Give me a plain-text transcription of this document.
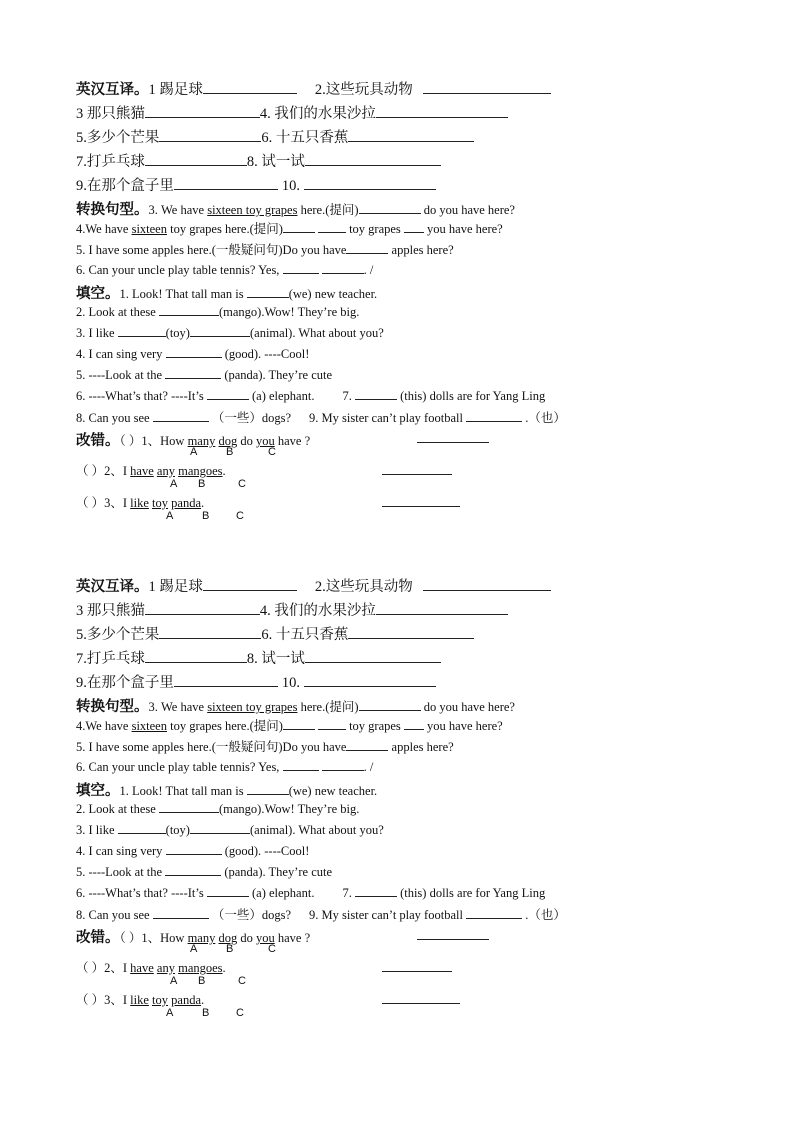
英汉互译。1 踢足球	2.这些玩具动物
3 那只熊猫	4. 我们的水果沙拉
5.多少个芒果	6. 十五只香蕉
7.打乒乓球	8. 试一试
9.在那个盒子里	10.
转换句型。3. We have sixteen toy grapes here.(提问)	do you have here?
4.We have sixteen toy grapes here.(提问)	toy grapes  you have here?
5. I have some apples here.(一般疑问句)Do you have	apples here?
6. Can your uncle play table tennis? Yes,	. /
填空。1. Look! That tall man is	(we) new teacher.
2. Look at these	(mango).Wow! They’re big.
3. I like	(toy)	(animal). What about you?
4. I can sing very	(good). ----Cool!
5. ----Look at the	(panda). They’re cute
6. ----What’s that? ----It’s	(a) elephant. 7.	(this) dolls are for Yang Ling
8. Can you see	（一些）dogs? 9. My sister can’t play football	.（也）
改错。（ ）1、How many dog do you have ?
A	B	C
（ ）2、I have any mangoes.
A B	C
（ ）3、I like toy panda.
A	B C
英汉互译。1 踢足球	2.这些玩具动物
3 那只熊猫	4. 我们的水果沙拉
5.多少个芒果	6. 十五只香蕉
7.打乒乓球	8. 试一试
9.在那个盒子里	10.
转换句型。3. We have sixteen toy grapes here.(提问)	do you have here?
4.We have sixteen toy grapes here.(提问)	toy grapes  you have here?
5. I have some apples here.(一般疑问句)Do you have	apples here?
6. Can your uncle play table tennis? Yes,	. /
填空。1. Look! That tall man is	(we) new teacher.
2. Look at these	(mango).Wow! They’re big.
3. I like	(toy)	(animal). What about you?
4. I can sing very	(good). ----Cool!
5. ----Look at the	(panda). They’re cute
6. ----What’s that? ----It’s	(a) elephant. 7.	(this) dolls are for Yang Ling
8. Can you see	（一些）dogs? 9. My sister can’t play football	.（也）
改错。（ ）1、How many dog do you have ?
A	B	C
（ ）2、I have any mangoes.
A B	C
（ ）3、I like toy panda.
A	B C
